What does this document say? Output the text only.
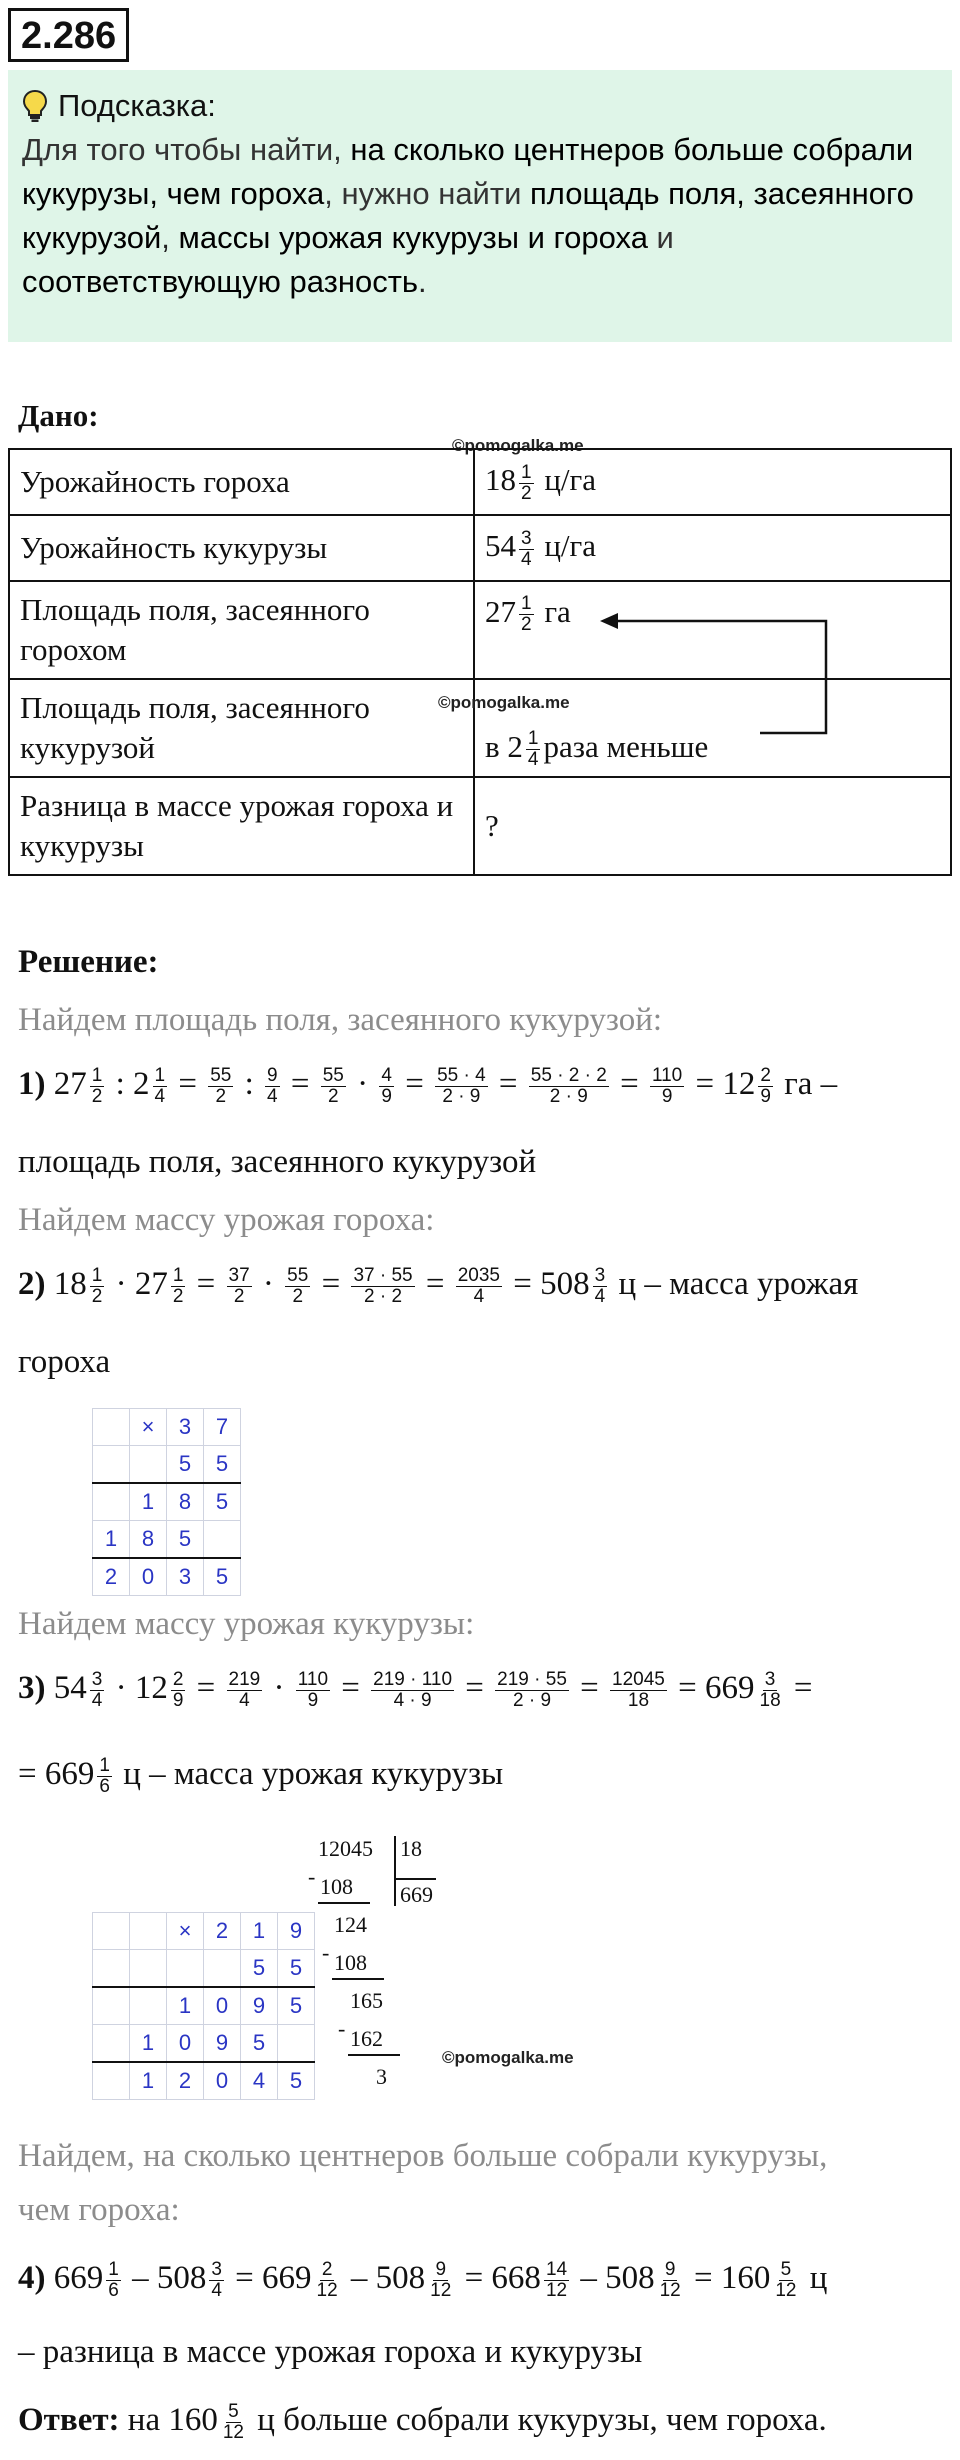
2.286
Подсказка:
Для того чтобы найти, на сколько центнеров больше собрали кукурузы, чем гороха, нужно найти площадь поля, засеянного кукурузой, массы урожая кукурузы и гороха и соответствующую разность.
Дано:
©pomogalka.me
Урожайность гороха	$18 \frac{1}{2} ц/га$
Урожайность кукурузы	$54 \frac{3}{4} ц/га$
Площадь поля, засеянного горохом	$27 \frac{1}{2}$ га
Площадь поля, засеянного кукурузой	в $2 \frac{1}{4}$ раза меньше
Разница в массе урожая гороха и кукурузы	?
©pomogalka.me
Решение:
Найдем площадь поля, засеянного кукурузой:
1) $27 \frac{1}{2}$ : $2 \frac{1}{4} = \frac{55}{2}$ : $\frac{9}{4} = \frac{55}{2} \cdot \frac{4}{9} = \frac{55 \cdot 4}{2 \cdot 9} = \frac{55 \cdot 2 \cdot 2}{2 \cdot 9} = \frac{110}{9} = 12 \frac{2}{9}$ га –
площадь поля, засеянного кукурузой
Найдем массу урожая гороха:
2) $18 \frac{1}{2} \cdot 27 \frac{1}{2} = \frac{37}{2} \cdot \frac{55}{2} = \frac{37 \cdot 55}{2 \cdot 2} = \frac{2035}{4} = 508 \frac{3}{4}$ ц – масса урожая
гороха
	×	3	7
		5	5
	1	8	5
1	8	5	
2	0	3	5
Найдем массу урожая кукурузы:
3) $54 \frac{3}{4} \cdot 12 \frac{2}{9} = \frac{219}{4} \cdot \frac{110}{9} = \frac{219 \cdot 110}{4 \cdot 9} = \frac{219 \cdot 55}{2 \cdot 9} = \frac{12045}{18} = 669 \frac{3}{18}$ =
= $669 \frac{1}{6}$ ц – масса урожая кукурузы
12045 18
669
- 108
124
- 108
165
- 162
3
		×	2	1	9
				5	5
		1	0	9	5
	1	0	9	5	
	1	2	0	4	5
©pomogalka.me
Найдем, на сколько центнеров больше собрали кукурузы,
чем гороха:
4) $669 \frac{1}{6} - 508 \frac{3}{4} = 669 \frac{2}{12} - 508 \frac{9}{12} = 668 \frac{14}{12} - 508 \frac{9}{12} = 160 \frac{5}{12}$ ц
– разница в массе урожая гороха и кукурузы
Ответ: на $160 \frac{5}{12}$ ц больше собрали кукурузы, чем гороха.
